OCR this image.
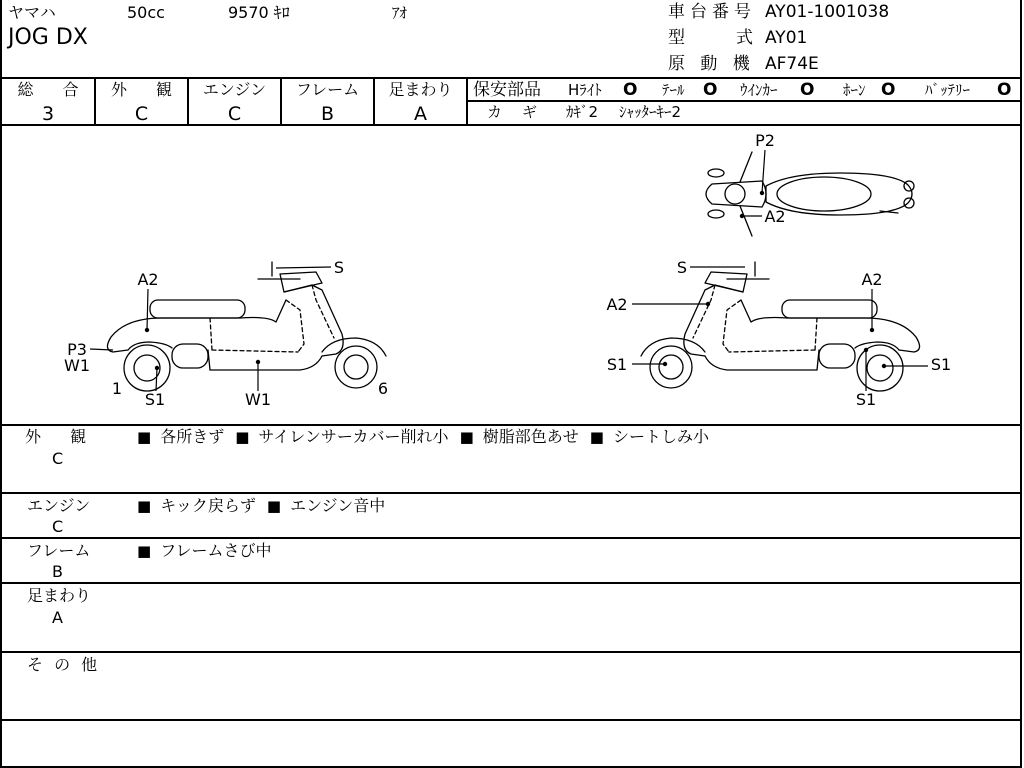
ヤマハ	50cc	9570 ｷﾛ	ｱｵ
JOG DX
車台番号 AY01-1001038
型	式 AY01
原 動 機 AF74E
総 合
3
外 観
C
エンジン
C
フレーム
B
足まわり
A
保安部品 Hﾗｲﾄ O ﾃｰﾙ O ｳｲﾝｶｰ O ﾎｰﾝ O ﾊﾞｯﾃﾘｰ O
カ ギ ｶｷﾞ2 ｼｬｯﾀｰｷｰ2
P2
A2
S
A2
P3
W1
1
S1	W1
6
S
A2
A2
S1	S1
S1
外 観
C
■ 各所きず ■ サイレンサーカバー削れ小 ■ 樹脂部色あせ ■ シートしみ小
エンジン
C
■ キック戻らず ■ エンジン音中
フレーム
B
■ フレームさび中
足まわり
A
そ の 他
